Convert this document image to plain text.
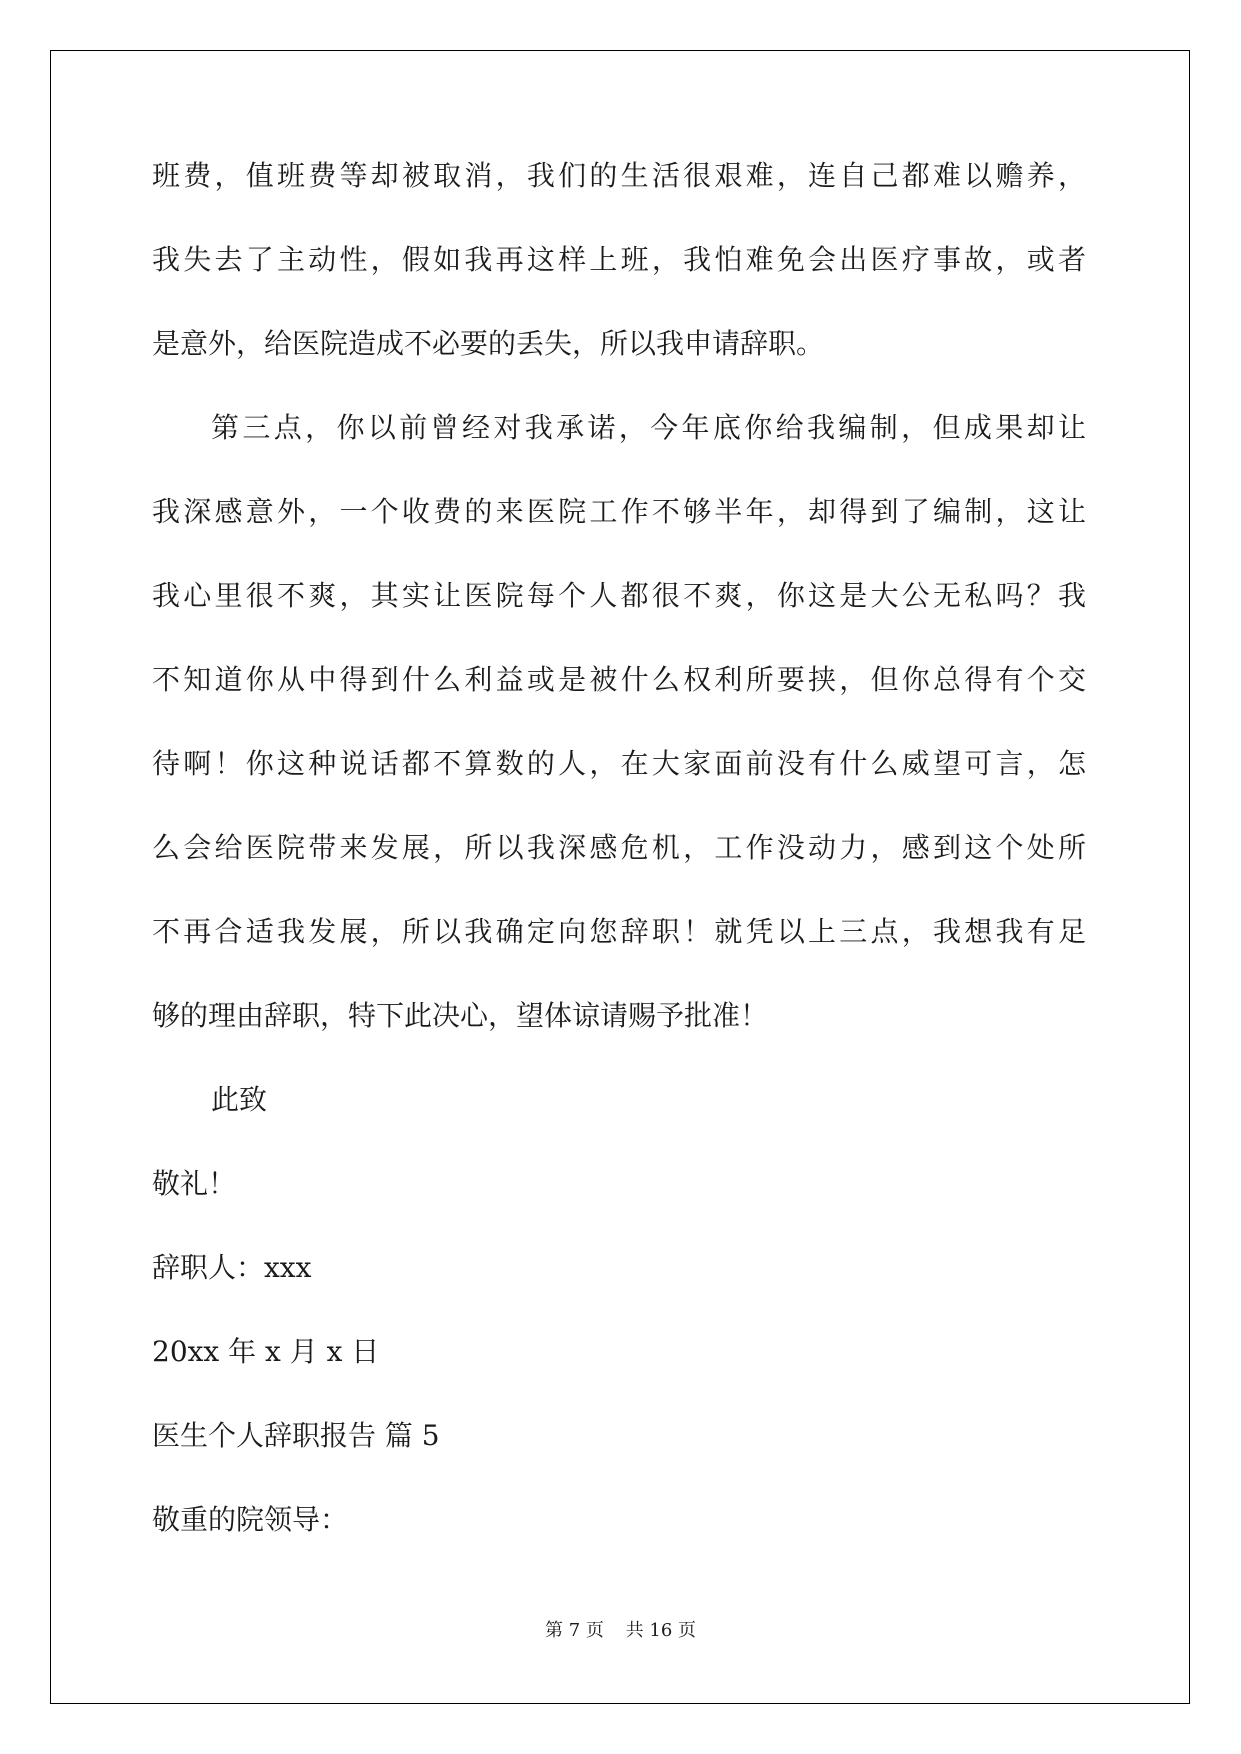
班费，值班费等却被取消，我们的生活很艰难，连自己都难以赡养，
我失去了主动性，假如我再这样上班，我怕难免会出医疗事故，或者
是意外，给医院造成不必要的丢失，所以我申请辞职。
第三点，你以前曾经对我承诺，今年底你给我编制，但成果却让
我深感意外，一个收费的来医院工作不够半年，却得到了编制，这让
我心里很不爽，其实让医院每个人都很不爽，你这是大公无私吗？我
不知道你从中得到什么利益或是被什么权利所要挟，但你总得有个交
待啊！你这种说话都不算数的人，在大家面前没有什么威望可言，怎
么会给医院带来发展，所以我深感危机，工作没动力，感到这个处所
不再合适我发展，所以我确定向您辞职！就凭以上三点，我想我有足
够的理由辞职，特下此决心，望体谅请赐予批准！
此致
敬礼！
辞职人：xxx
20xx 年 x 月 x 日
医生个人辞职报告 篇 5
敬重的院领导：
第 7 页 共 16 页
